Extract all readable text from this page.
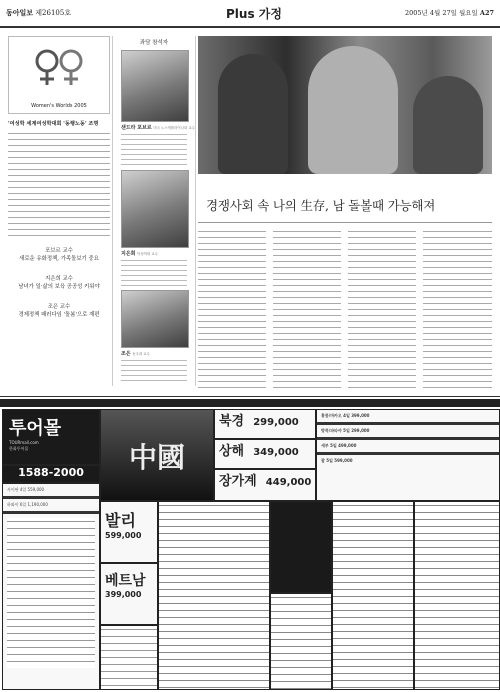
동아일보 제26105호	Plus 가정	2005년 4월 27일 월요일 A27
Women's Worlds 2005
'여성학 세계여성학대회 '동행노동' 조명
포브르 교수
새로운 유화정책, 가족돌보기 중요
지은희 교수
남녀가 일·삶의 보육 공공성 키워야
조은 교수
경제정책 패러다임 '돌봄'으로 재편
좌담 참석자
샌드라 포브르 미국 노스캐롤라이나대 교수
지은희 덕성여대 교수
조은 동국대 교수
경쟁사회 속 나의 生存, 남 돌볼때 가능해져
투어몰
TOURmall.com
한화투어몰
1588-2000	中國
북경 299,000
상해 349,000
장가계 449,000
홍콩/마카오 4일 399,000
방콕/파타야 5일 299,000
세부 5일 499,000
괌 5일 599,000
사이판 4일 559,000
하와이 6일 1,190,000
발리
599,000
베트남
399,000
